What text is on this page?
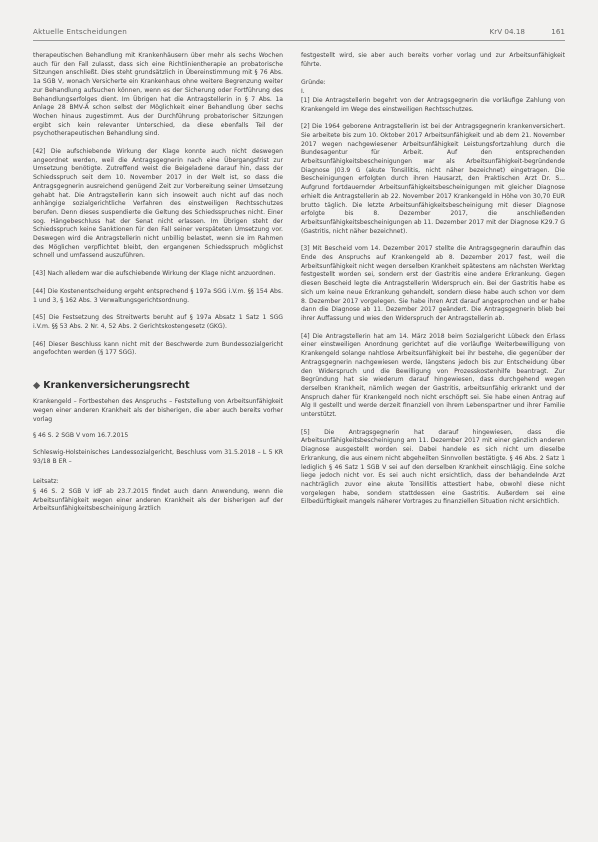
Aktuelle Entscheidungen	KrV 04.18	161

therapeutischen Behandlung mit Krankenhäusern über mehr als sechs Wochen auch für den Fall zulasst, dass sich eine Richtlinientherapie an probatorische Sitzungen anschließt. Dies steht grundsätzlich in Übereinstimmung mit § 76 Abs. 1a SGB V, wonach Versicherte ein Krankenhaus ohne weitere Begrenzung weiter zur Behandlung aufsuchen können, wenn es der Sicherung oder Fortführung des Behandlungserfolges dient. Im Übrigen hat die Antragstellerin in § 7 Abs. 1a Anlage 28 BMV-Ä schon selbst der Möglichkeit einer Behandlung über sechs Wochen hinaus zugestimmt. Aus der Durchführung probatorischer Sitzungen ergibt sich kein relevanter Unterschied, da diese ebenfalls Teil der psychotherapeutischen Behandlung sind.

[42] Die aufschiebende Wirkung der Klage konnte auch nicht deswegen angeordnet werden, weil die Antragsgegnerin nach eine Übergangsfrist zur Umsetzung benötigte. Zutreffend weist die Beigeladene darauf hin, dass der Schiedsspruch seit dem 10. November 2017 in der Welt ist, so dass die Antragsgegnerin ausreichend genügend Zeit zur Vorbereitung seiner Umsetzung gehabt hat. Die Antragstellerin kann sich insoweit auch nicht auf das noch anhängige sozialgerichtliche Verfahren des einstweiligen Rechtsschutzes berufen. Denn dieses suspendierte die Geltung des Schiedsspruches nicht. Einer sog. Hängebeschluss hat der Senat nicht erlassen. Im Übrigen steht der Schiedsspruch keine Sanktionen für den Fall seiner verspäteten Umsetzung vor. Deswegen wird die Antragstellerin nicht unbillig belastet, wenn sie im Rahmen des Möglichen verpflichtet bleibt, den ergangenen Schiedsspruch möglichst schnell und umfassend auszuführen.

[43] Nach alledem war die aufschiebende Wirkung der Klage nicht anzuordnen.

[44] Die Kostenentscheidung ergeht entsprechend § 197a SGG i.V.m. §§ 154 Abs. 1 und 3, § 162 Abs. 3 Verwaltungsgerichtsordnung.

[45] Die Festsetzung des Streitwerts beruht auf § 197a Absatz 1 Satz 1 SGG i.V.m. §§ 53 Abs. 2 Nr. 4, 52 Abs. 2 Gerichtskostengesetz (GKG).

[46] Dieser Beschluss kann nicht mit der Beschwerde zum Bundessozialgericht angefochten werden (§ 177 SGG).

◆ Krankenversicherungsrecht

Krankengeld – Fortbestehen des Anspruchs – Feststellung von Arbeitsunfähigkeit wegen einer anderen Krankheit als der bisherigen, die aber auch bereits vorher vorlag

§ 46 S. 2 SGB V vom 16.7.2015

Schleswig-Holsteinisches Landessozialgericht, Beschluss vom 31.5.2018 – L 5 KR 93/18 B ER –

Leitsatz:

§ 46 S. 2 SGB V idF ab 23.7.2015 findet auch dann Anwendung, wenn die Arbeitsunfähigkeit wegen einer anderen Krankheit als der bisherigen auf der Arbeitsunfähigkeitsbescheinigung ärztlich

festgestellt wird, sie aber auch bereits vorher vorlag und zur Arbeitsunfähigkeit führte.

Gründe:

I.

[1] Die Antragstellerin begehrt von der Antragsgegnerin die vorläufige Zahlung von Krankengeld im Wege des einstweiligen Rechtsschutzes.

[2] Die 1964 geborene Antragstellerin ist bei der Antragsgegnerin krankenversichert. Sie arbeitete bis zum 10. Oktober 2017 Arbeitsunfähigkeit und ab dem 21. November 2017 wegen nachgewiesener Arbeitsunfähigkeit Leistungsfortzahlung durch die Bundesagentur für Arbeit. Auf den entsprechenden Arbeitsunfähigkeitsbescheinigungen war als Arbeitsunfähigkeit-begründende Diagnose J03.9 G (akute Tonsillitis, nicht näher bezeichnet) eingetragen. Die Bescheinigungen erfolgten durch ihren Hausarzt, den Praktischen Arzt Dr. S... Aufgrund fortdauernder Arbeitsunfähigkeitsbescheinigungen mit gleicher Diagnose erhielt die Antragstellerin ab 22. November 2017 Krankengeld in Höhe von 30,70 EUR brutto täglich. Die letzte Arbeitsunfähigkeitsbescheinigung mit dieser Diagnose erfolgte bis 8. Dezember 2017, die anschließenden Arbeitsunfähigkeitsbescheinigungen ab 11. Dezember 2017 mit der Diagnose K29.7 G (Gastritis, nicht näher bezeichnet).

[3] Mit Bescheid vom 14. Dezember 2017 stellte die Antragsgegnerin daraufhin das Ende des Anspruchs auf Krankengeld ab 8. Dezember 2017 fest, weil die Arbeitsunfähigkeit nicht wegen derselben Krankheit spätestens am nächsten Werktag festgestellt worden sei, sondern erst der Gastritis eine andere Erkrankung. Gegen diesen Bescheid legte die Antragstellerin Widerspruch ein. Bei der Gastritis habe es sich um keine neue Erkrankung gehandelt, sondern diese habe auch schon vor dem 8. Dezember 2017 vorgelegen. Sie habe ihren Arzt darauf angesprochen und er habe dann die Diagnose ab 11. Dezember 2017 geändert. Die Antragsgegnerin blieb bei ihrer Auffassung und wies den Widerspruch der Antragstellerin ab.

[4] Die Antragstellerin hat am 14. März 2018 beim Sozialgericht Lübeck den Erlass einer einstweiligen Anordnung gerichtet auf die vorläufige Weiterbewilligung von Krankengeld solange nahtlose Arbeitsunfähigkeit bei ihr bestehe, die gegenüber der Antragsgegnerin nachgewiesen werde, längstens jedoch bis zur Entscheidung über den Widerspruch und die Bewilligung von Prozesskostenhilfe beantragt. Zur Begründung hat sie wiederum darauf hingewiesen, dass durchgehend wegen derselben Krankheit, nämlich wegen der Gastritis, arbeitsunfähig erkrankt und der Anspruch daher für Krankengeld noch nicht erschöpft sei. Sie habe einen Antrag auf Alg II gestellt und werde derzeit finanziell von ihrem Lebenspartner und ihrer Familie unterstützt.

[5] Die Antragsgegnerin hat darauf hingewiesen, dass die Arbeitsunfähigkeitsbescheinigung am 11. Dezember 2017 mit einer gänzlich anderen Diagnose ausgestellt worden sei. Dabei handele es sich nicht um dieselbe Erkrankung, die aus einem nicht abgeheilten Sinnvollen bestätigte. § 46 Abs. 2 Satz 1 lediglich § 46 Satz 1 SGB V sei auf den derselben Krankheit einschlägig. Eine solche liege jedoch nicht vor. Es sei auch nicht ersichtlich, dass der behandelnde Arzt nachträglich zuvor eine akute Tonsillitis attestiert habe, obwohl diese nicht vorgelegen habe, sondern stattdessen eine Gastritis. Außerdem sei eine Eilbedürftigkeit mangels näherer Vortrages zu finanziellen Situation nicht ersichtlich.
